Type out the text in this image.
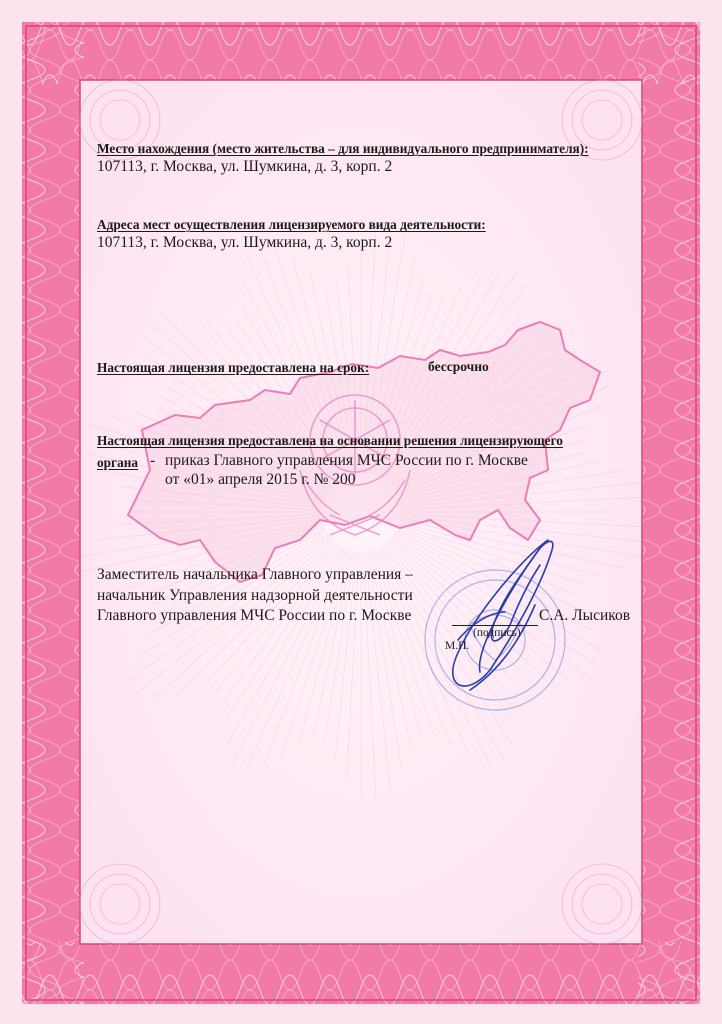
Место нахождения (место жительства – для индивидуального предпринимателя):
107113, г. Москва, ул. Шумкина, д. 3, корп. 2
Адреса мест осуществления лицензируемого вида деятельности:
107113, г. Москва, ул. Шумкина, д. 3, корп. 2
Настоящая лицензия предоставлена на срок:	бессрочно
Настоящая лицензия предоставлена на основании решения лицензирующего
органа - приказ Главного управления МЧС России по г. Москве
от «01» апреля 2015 г. № 200
Заместитель начальника Главного управления –
начальник Управления надзорной деятельности
Главного управления МЧС России по г. Москве	С.А. Лысиков
(подпись)
М.П.
